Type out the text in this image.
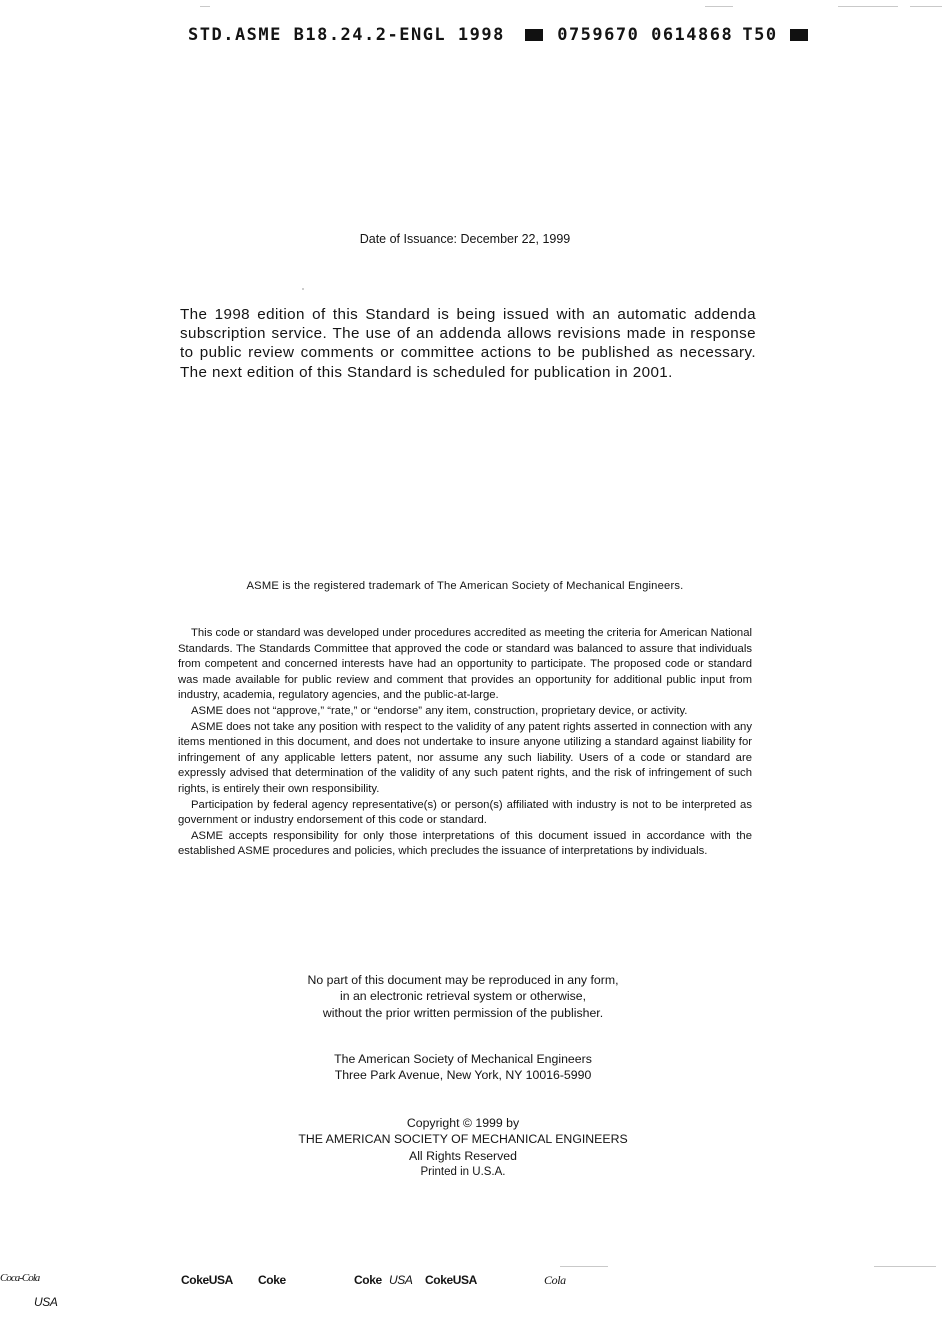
STD.ASME B18.24.2-ENGL 1998	0759670 0614868 T50
Date of Issuance: December 22, 1999
The 1998 edition of this Standard is being issued with an automatic addenda subscription service. The use of an addenda allows revisions made in response to public review comments or committee actions to be published as necessary. The next edition of this Standard is scheduled for publication in 2001.
ASME is the registered trademark of The American Society of Mechanical Engineers.

This code or standard was developed under procedures accredited as meeting the criteria for American National Standards. The Standards Committee that approved the code or standard was balanced to assure that individuals from competent and concerned interests have had an opportunity to participate. The proposed code or standard was made available for public review and comment that provides an opportunity for additional public input from industry, academia, regulatory agencies, and the public-at-large.

ASME does not “approve,” “rate,” or “endorse” any item, construction, proprietary device, or activity.

ASME does not take any position with respect to the validity of any patent rights asserted in connection with any items mentioned in this document, and does not undertake to insure anyone utilizing a standard against liability for infringement of any applicable letters patent, nor assume any such liability. Users of a code or standard are expressly advised that determination of the validity of any such patent rights, and the risk of infringement of such rights, is entirely their own responsibility.

Participation by federal agency representative(s) or person(s) affiliated with industry is not to be interpreted as government or industry endorsement of this code or standard.

ASME accepts responsibility for only those interpretations of this document issued in accordance with the established ASME procedures and policies, which precludes the issuance of interpretations by individuals.

No part of this document may be reproduced in any form,
in an electronic retrieval system or otherwise,
without the prior written permission of the publisher.
The American Society of Mechanical Engineers
Three Park Avenue, New York, NY 10016-5990
Copyright © 1999 by
THE AMERICAN SOCIETY OF MECHANICAL ENGINEERS
All Rights Reserved
Printed in U.S.A.
Coca-Cola
USA
CokeUSA Coke	Coke USA CokeUSA	Cola
